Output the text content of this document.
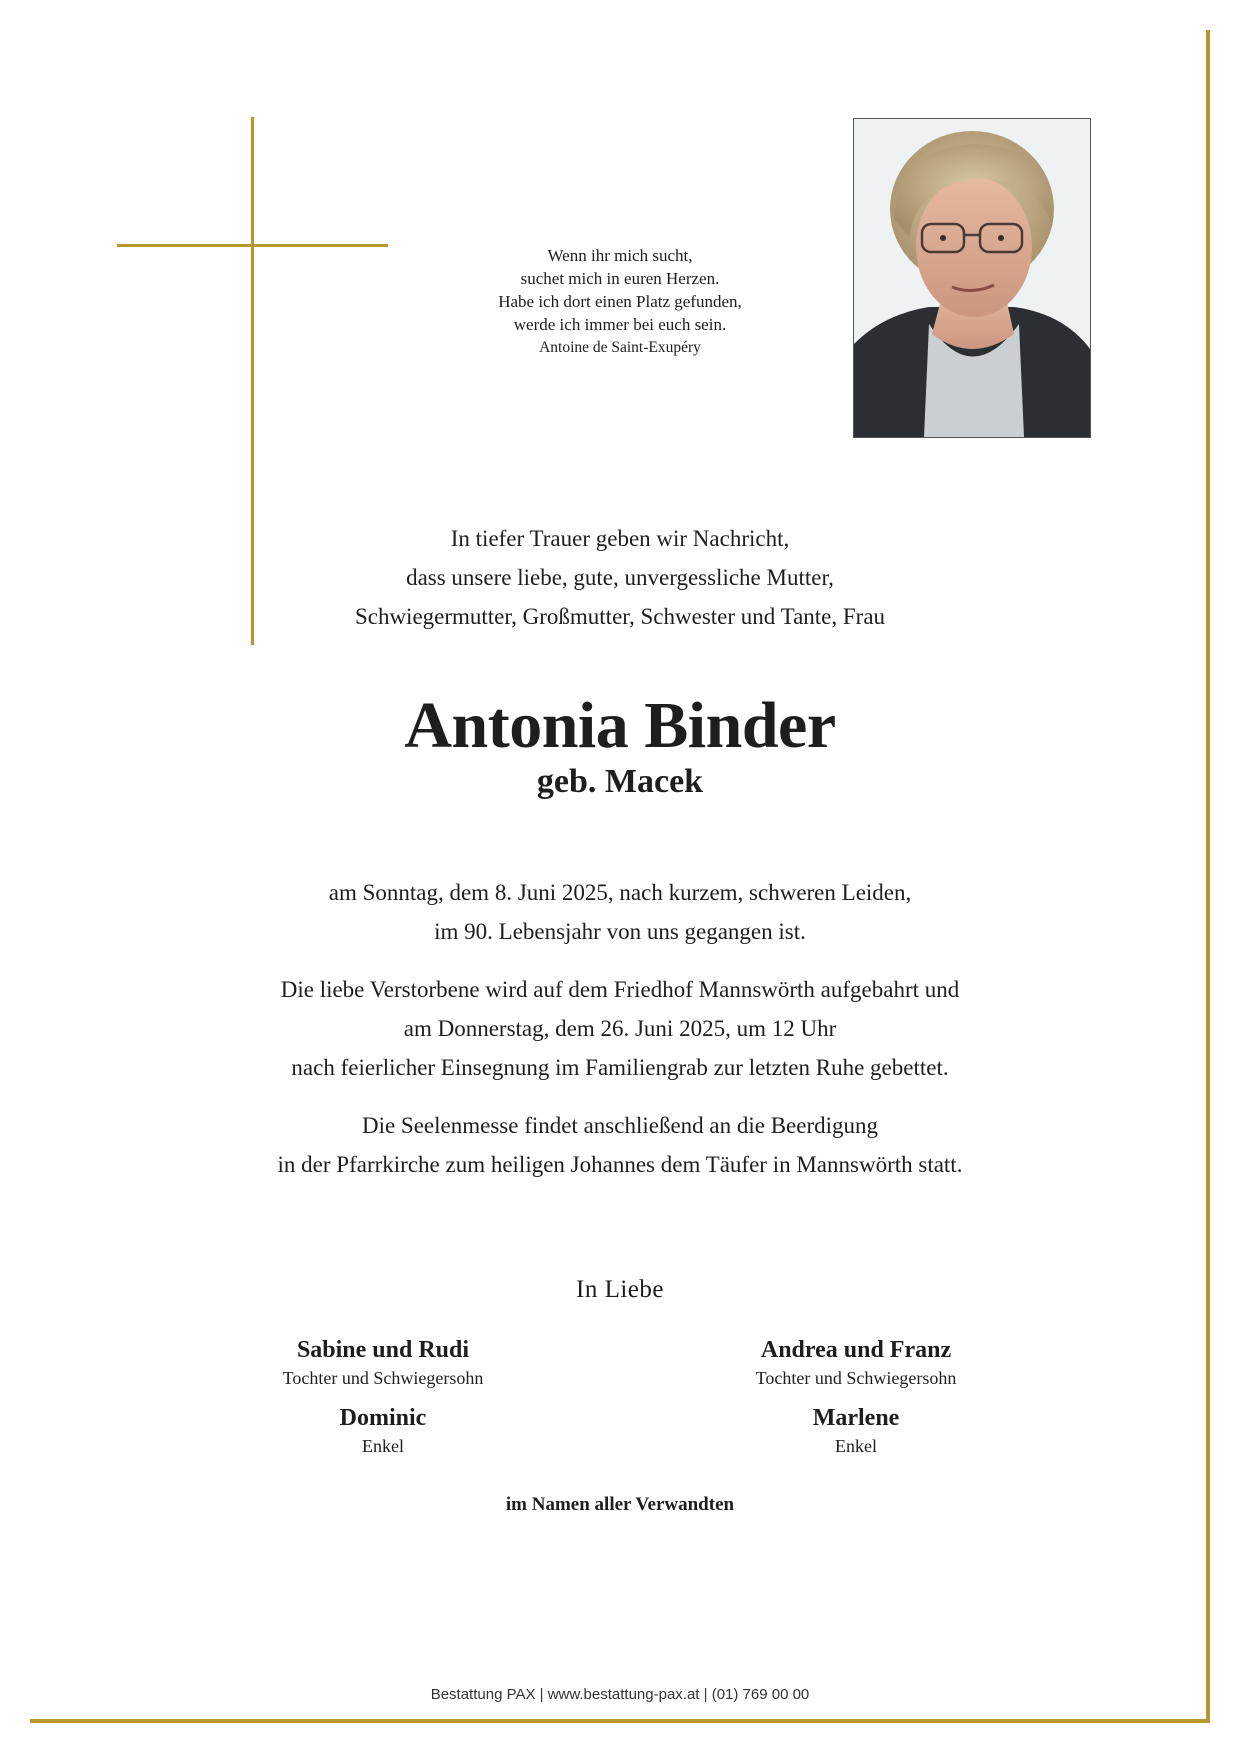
Wenn ihr mich sucht,
suchet mich in euren Herzen.
Habe ich dort einen Platz gefunden,
werde ich immer bei euch sein.
Antoine de Saint-Exupéry
In tiefer Trauer geben wir Nachricht,
dass unsere liebe, gute, unvergessliche Mutter,
Schwiegermutter, Großmutter, Schwester und Tante, Frau
Antonia Binder
geb. Macek
am Sonntag, dem 8. Juni 2025, nach kurzem, schweren Leiden,
im 90. Lebensjahr von uns gegangen ist.
Die liebe Verstorbene wird auf dem Friedhof Mannswörth aufgebahrt und
am Donnerstag, dem 26. Juni 2025, um 12 Uhr
nach feierlicher Einsegnung im Familiengrab zur letzten Ruhe gebettet.
Die Seelenmesse findet anschließend an die Beerdigung
in der Pfarrkirche zum heiligen Johannes dem Täufer in Mannswörth statt.
In Liebe
Sabine und Rudi
Tochter und Schwiegersohn
Andrea und Franz
Tochter und Schwiegersohn
Dominic
Enkel
Marlene
Enkel
im Namen aller Verwandten
Bestattung PAX | www.bestattung-pax.at | (01) 769 00 00
